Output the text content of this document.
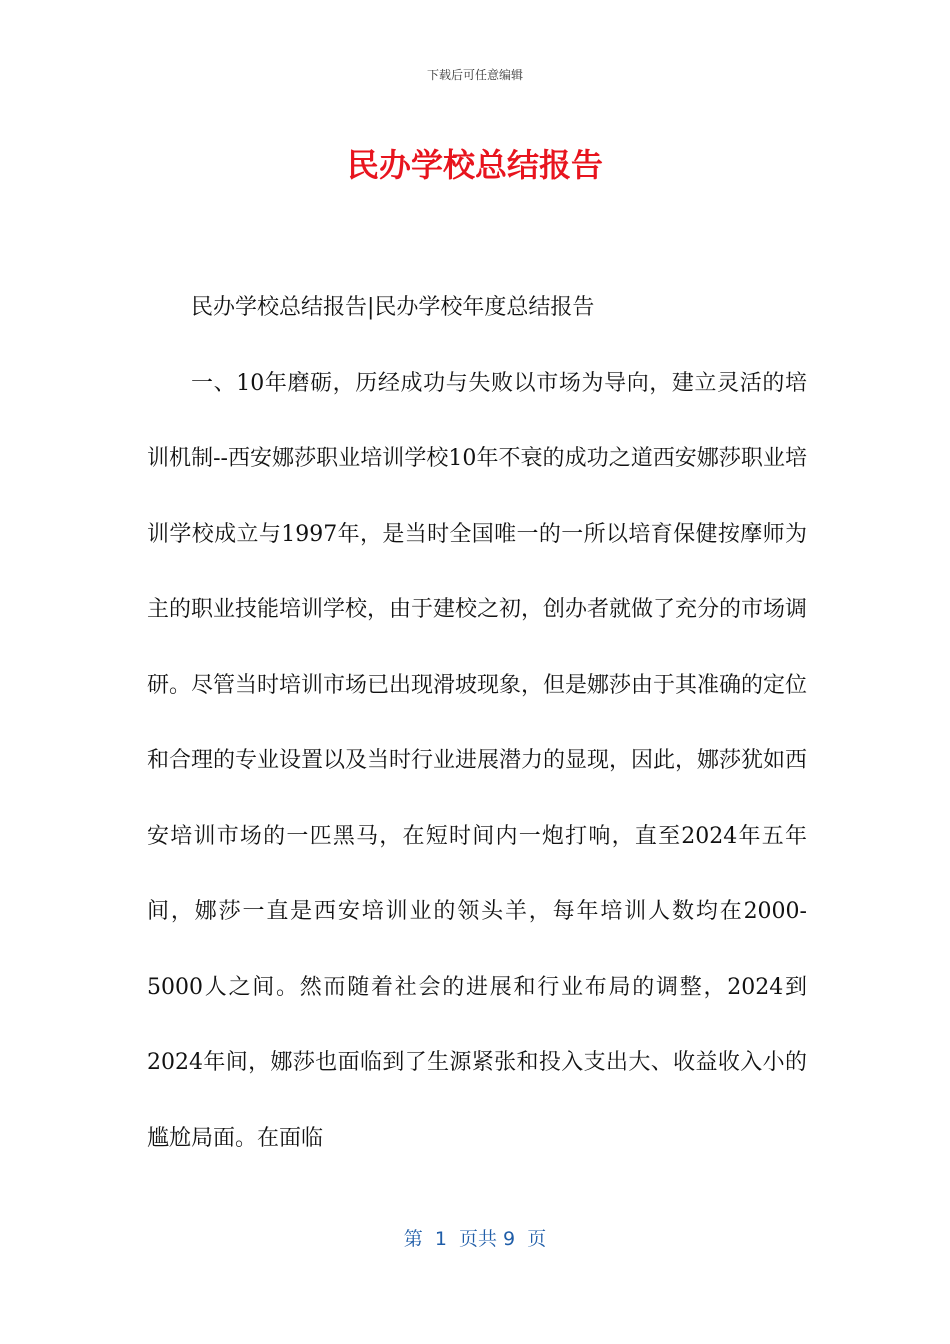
下载后可任意编辑
民办学校总结报告

民办学校总结报告|民办学校年度总结报告

一、10年磨砺，历经成功与失败以市场为导向，建立灵活的培训机制--西安娜莎职业培训学校10年不衰的成功之道西安娜莎职业培训学校成立与1997年，是当时全国唯一的一所以培育保健按摩师为主的职业技能培训学校，由于建校之初，创办者就做了充分的市场调研。尽管当时培训市场已出现滑坡现象，但是娜莎由于其准确的定位和合理的专业设置以及当时行业进展潜力的显现，因此，娜莎犹如西安培训市场的一匹黑马，在短时间内一炮打响，直至2024年五年间，娜莎一直是西安培训业的领头羊，每年培训人数均在2000-5000人之间。然而随着社会的进展和行业布局的调整，2024到2024年间，娜莎也面临到了生源紧张和投入支出大、收益收入小的尴尬局面。在面临

第  1  页共 9  页
